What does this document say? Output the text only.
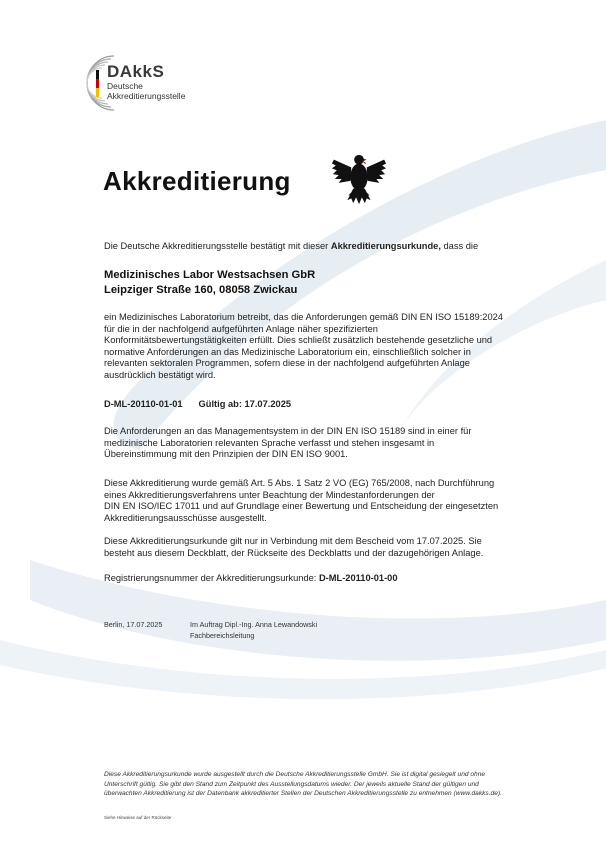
DAkkS
Deutsche
Akkreditierungsstelle
Akkreditierung
Die Deutsche Akkreditierungsstelle bestätigt mit dieser Akkreditierungsurkunde, dass die
Medizinisches Labor Westsachsen GbR
Leipziger Straße 160, 08058 Zwickau
ein Medizinisches Laboratorium betreibt, das die Anforderungen gemäß DIN EN ISO 15189:2024
für die in der nachfolgend aufgeführten Anlage näher spezifizierten
Konformitätsbewertungstätigkeiten erfüllt. Dies schließt zusätzlich bestehende gesetzliche und
normative Anforderungen an das Medizinische Laboratorium ein, einschließlich solcher in
relevanten sektoralen Programmen, sofern diese in der nachfolgend aufgeführten Anlage
ausdrücklich bestätigt wird.
D-ML-20110-01-01 Gültig ab: 17.07.2025
Die Anforderungen an das Managementsystem in der DIN EN ISO 15189 sind in einer für
medizinische Laboratorien relevanten Sprache verfasst und stehen insgesamt in
Übereinstimmung mit den Prinzipien der DIN EN ISO 9001.
Diese Akkreditierung wurde gemäß Art. 5 Abs. 1 Satz 2 VO (EG) 765/2008, nach Durchführung
eines Akkreditierungsverfahrens unter Beachtung der Mindestanforderungen der
DIN EN ISO/IEC 17011 und auf Grundlage einer Bewertung und Entscheidung der eingesetzten
Akkreditierungsausschüsse ausgestellt.
Diese Akkreditierungsurkunde gilt nur in Verbindung mit dem Bescheid vom 17.07.2025. Sie
besteht aus diesem Deckblatt, der Rückseite des Deckblatts und der dazugehörigen Anlage.
Registrierungsnummer der Akkreditierungsurkunde: D-ML-20110-01-00
Berlin, 17.07.2025	Im Auftrag Dipl.-Ing. Anna Lewandowski
Fachbereichsleitung
Diese Akkreditierungsurkunde wurde ausgestellt durch die Deutsche Akkreditierungsstelle GmbH. Sie ist digital gesiegelt und ohne
Unterschrift gültig. Sie gibt den Stand zum Zeitpunkt des Ausstellungsdatums wieder. Der jeweils aktuelle Stand der gültigen und
überwachten Akkreditierung ist der Datenbank akkreditierter Stellen der Deutschen Akkreditierungsstelle zu entnehmen (www.dakks.de).
Siehe Hinweise auf der Rückseite
